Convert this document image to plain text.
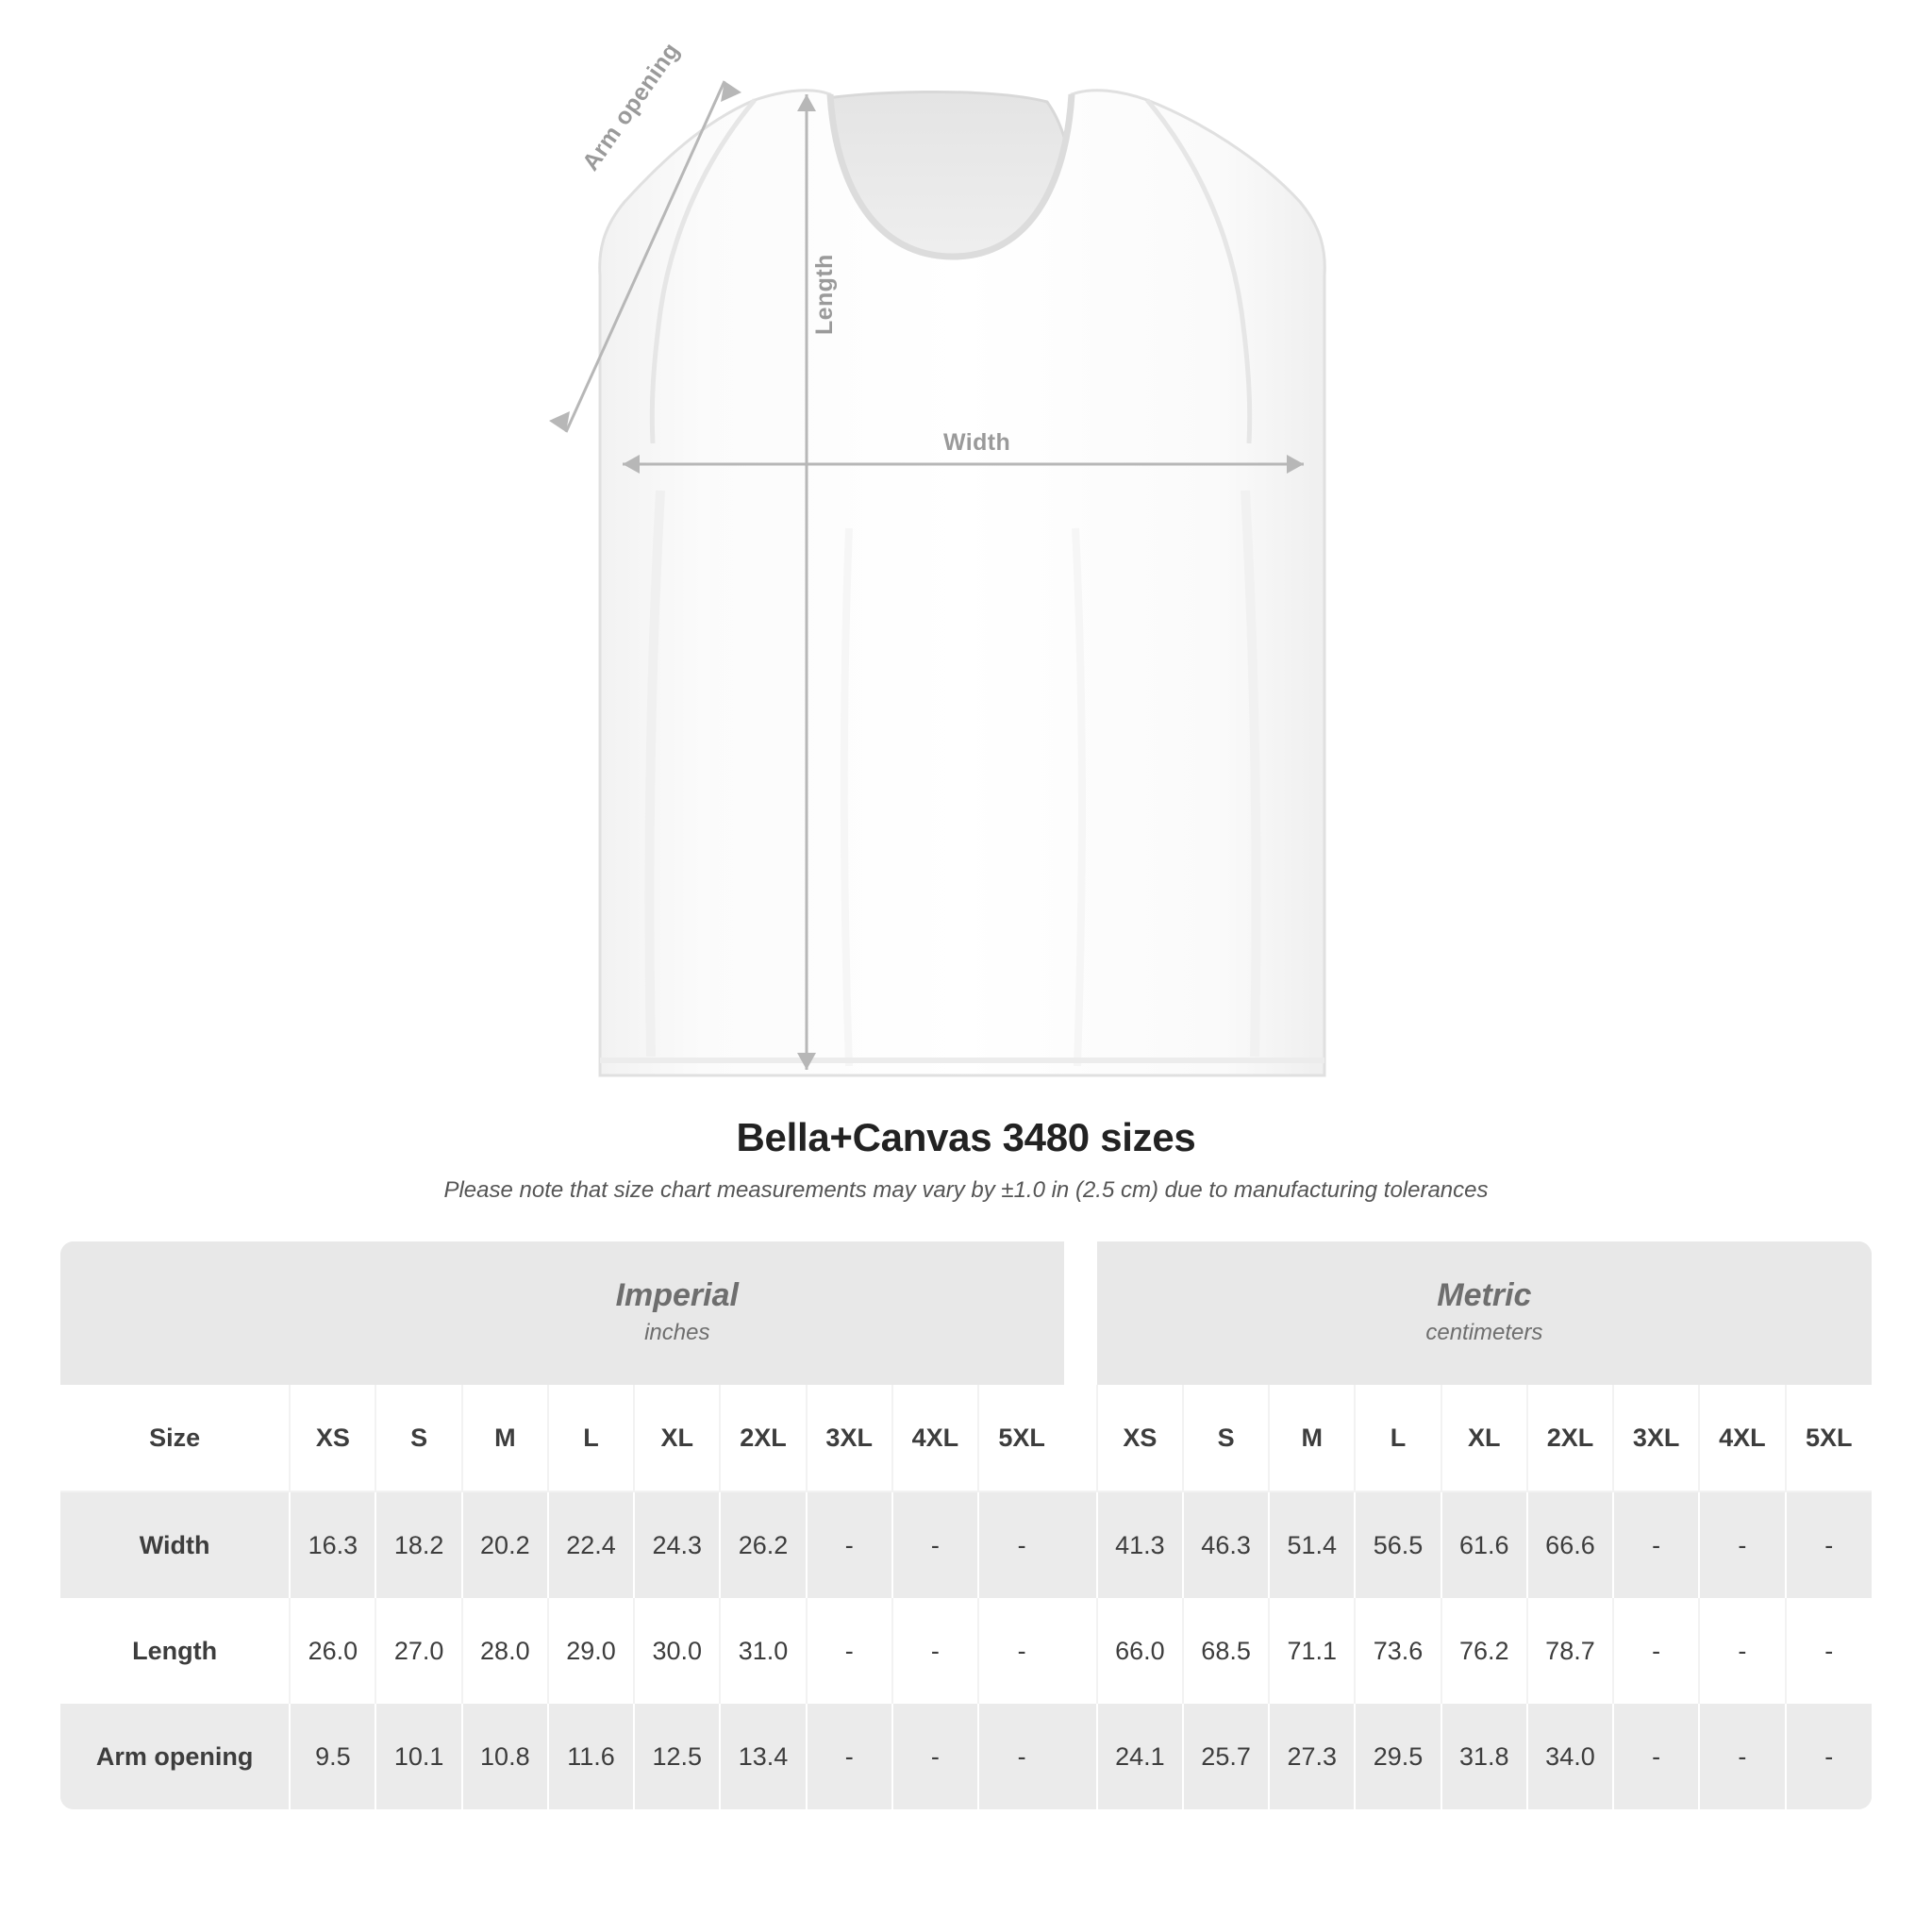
Width
Length
Arm opening
Bella+Canvas 3480 sizes
Please note that size chart measurements may vary by ±1.0 in (2.5 cm) due to manufacturing tolerances

Imperial
inches

Metric
centimeters

Size	XS	S	M	L	XL	2XL	3XL	4XL	5XL		XS	S	M	L	XL	2XL	3XL	4XL	5XL

Width	16.3	18.2	20.2	22.4	24.3	26.2	-	-	-		41.3	46.3	51.4	56.5	61.6	66.6	-	-	-
Length	26.0	27.0	28.0	29.0	30.0	31.0	-	-	-		66.0	68.5	71.1	73.6	76.2	78.7	-	-	-
Arm opening	9.5	10.1	10.8	11.6	12.5	13.4	-	-	-		24.1	25.7	27.3	29.5	31.8	34.0	-	-	-
